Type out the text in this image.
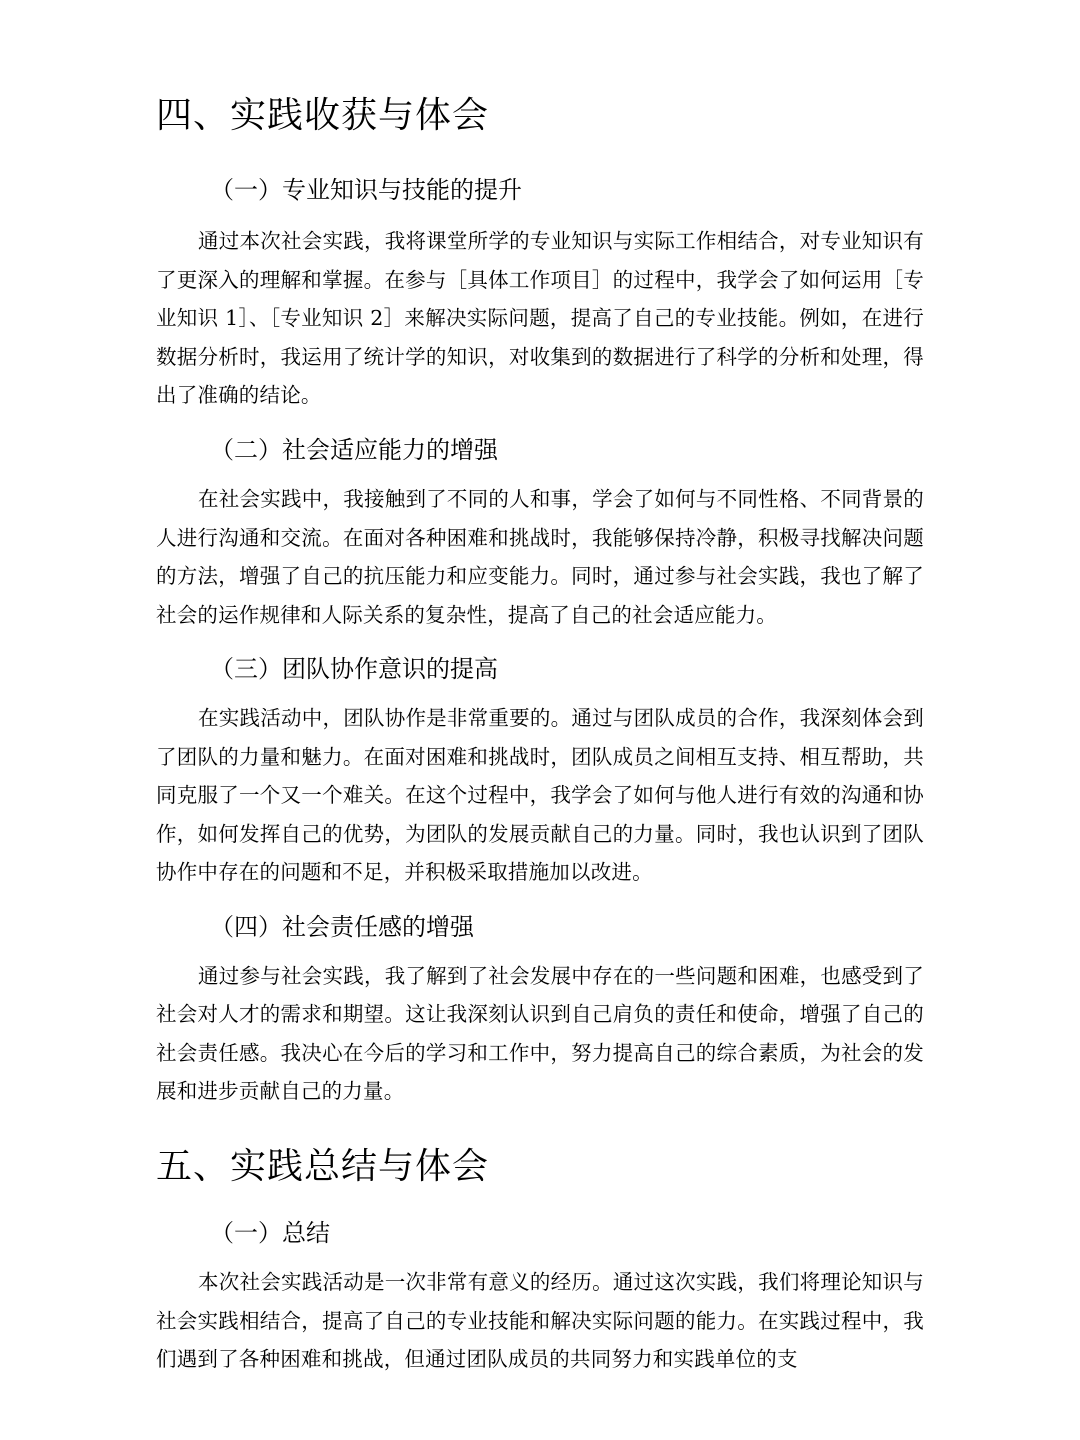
四、实践收获与体会
（一）专业知识与技能的提升

通过本次社会实践，我将课堂所学的专业知识与实际工作相结合，对专业知识有了更深入的理解和掌握。在参与［具体工作项目］的过程中，我学会了如何运用［专业知识 1］、［专业知识 2］来解决实际问题，提高了自己的专业技能。例如，在进行数据分析时，我运用了统计学的知识，对收集到的数据进行了科学的分析和处理，得出了准确的结论。

（二）社会适应能力的增强

在社会实践中，我接触到了不同的人和事，学会了如何与不同性格、不同背景的人进行沟通和交流。在面对各种困难和挑战时，我能够保持冷静，积极寻找解决问题的方法，增强了自己的抗压能力和应变能力。同时，通过参与社会实践，我也了解了社会的运作规律和人际关系的复杂性，提高了自己的社会适应能力。

（三）团队协作意识的提高

在实践活动中，团队协作是非常重要的。通过与团队成员的合作，我深刻体会到了团队的力量和魅力。在面对困难和挑战时，团队成员之间相互支持、相互帮助，共同克服了一个又一个难关。在这个过程中，我学会了如何与他人进行有效的沟通和协作，如何发挥自己的优势，为团队的发展贡献自己的力量。同时，我也认识到了团队协作中存在的问题和不足，并积极采取措施加以改进。

（四）社会责任感的增强

通过参与社会实践，我了解到了社会发展中存在的一些问题和困难，也感受到了社会对人才的需求和期望。这让我深刻认识到自己肩负的责任和使命，增强了自己的社会责任感。我决心在今后的学习和工作中，努力提高自己的综合素质，为社会的发展和进步贡献自己的力量。

五、实践总结与体会
（一）总结

本次社会实践活动是一次非常有意义的经历。通过这次实践，我们将理论知识与社会实践相结合，提高了自己的专业技能和解决实际问题的能力。在实践过程中，我们遇到了各种困难和挑战，但通过团队成员的共同努力和实践单位的支
